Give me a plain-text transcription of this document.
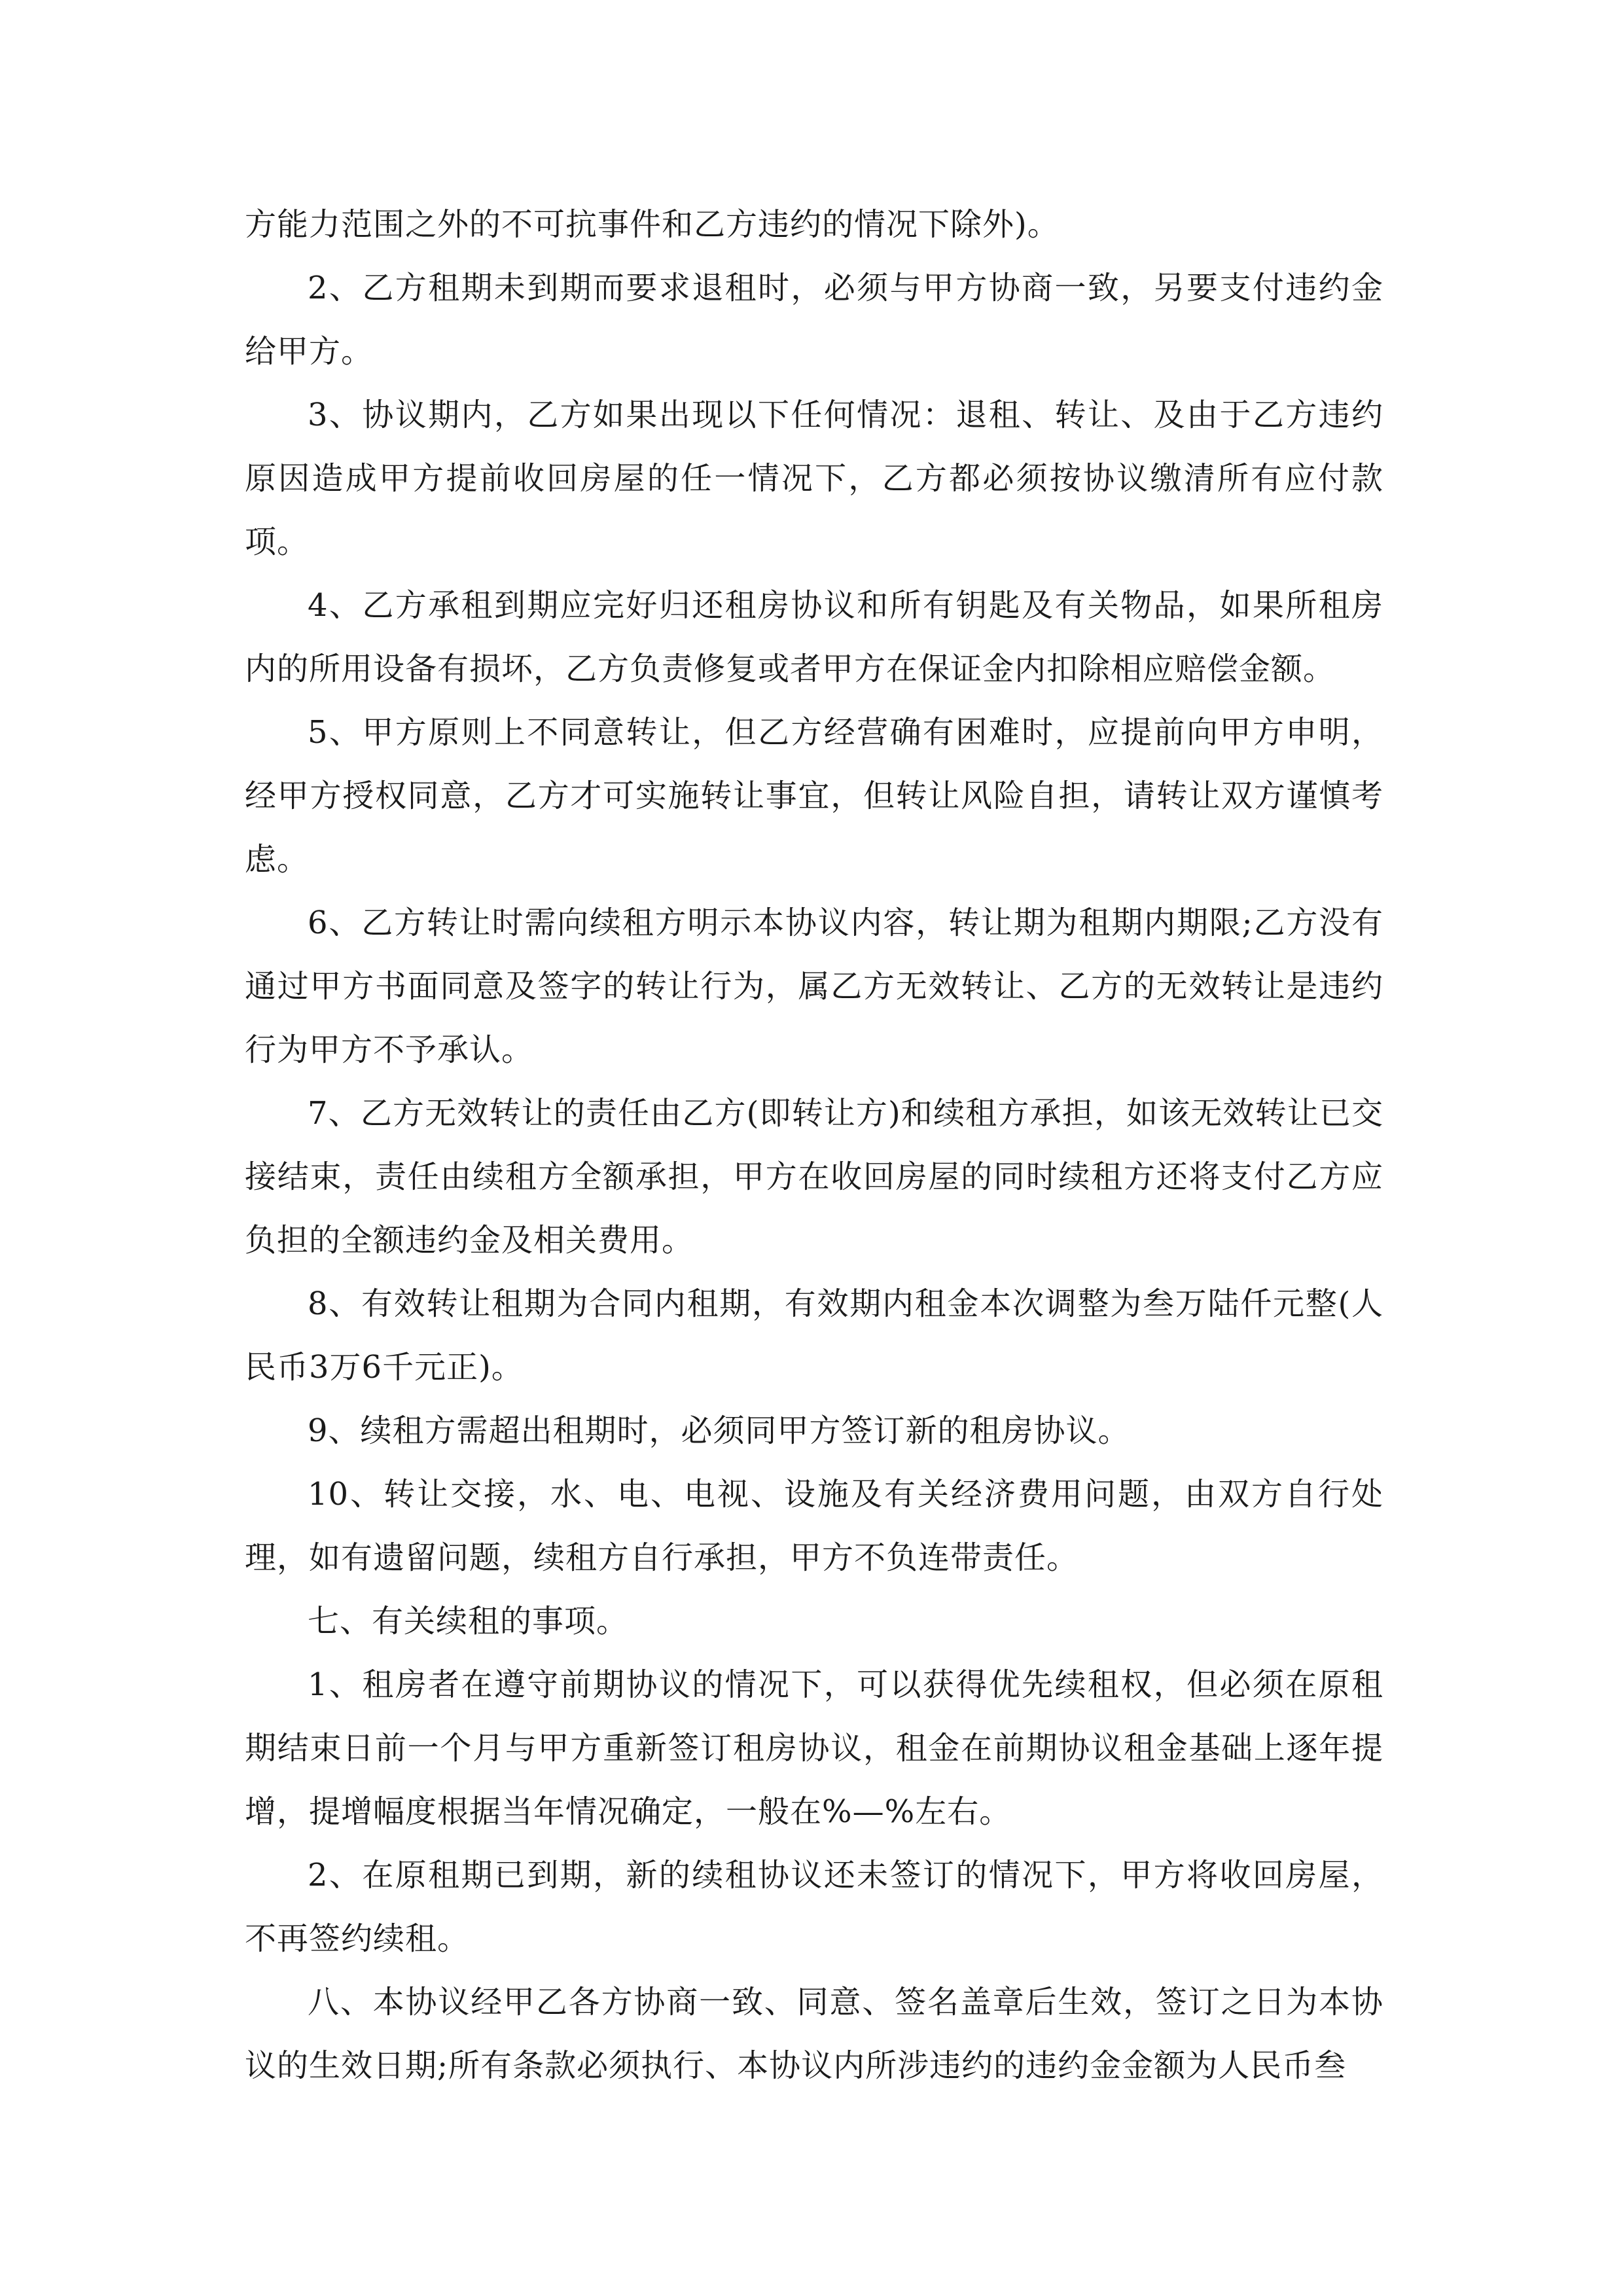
方能力范围之外的不可抗事件和乙方违约的情况下除外)。

2、乙方租期未到期而要求退租时，必须与甲方协商一致，另要支付违约金给甲方。

3、协议期内，乙方如果出现以下任何情况：退租、转让、及由于乙方违约原因造成甲方提前收回房屋的任一情况下，乙方都必须按协议缴清所有应付款项。

4、乙方承租到期应完好归还租房协议和所有钥匙及有关物品，如果所租房内的所用设备有损坏，乙方负责修复或者甲方在保证金内扣除相应赔偿金额。

5、甲方原则上不同意转让，但乙方经营确有困难时，应提前向甲方申明，经甲方授权同意，乙方才可实施转让事宜，但转让风险自担，请转让双方谨慎考虑。

6、乙方转让时需向续租方明示本协议内容，转让期为租期内期限;乙方没有通过甲方书面同意及签字的转让行为，属乙方无效转让、乙方的无效转让是违约行为甲方不予承认。

7、乙方无效转让的责任由乙方(即转让方)和续租方承担，如该无效转让已交接结束，责任由续租方全额承担，甲方在收回房屋的同时续租方还将支付乙方应负担的全额违约金及相关费用。

8、有效转让租期为合同内租期，有效期内租金本次调整为叁万陆仟元整(人民币3万6千元正)。

9、续租方需超出租期时，必须同甲方签订新的租房协议。

10、转让交接，水、电、电视、设施及有关经济费用问题，由双方自行处理，如有遗留问题，续租方自行承担，甲方不负连带责任。

七、有关续租的事项。

1、租房者在遵守前期协议的情况下，可以获得优先续租权，但必须在原租期结束日前一个月与甲方重新签订租房协议，租金在前期协议租金基础上逐年提增，提增幅度根据当年情况确定，一般在%—%左右。

2、在原租期已到期，新的续租协议还未签订的情况下，甲方将收回房屋，不再签约续租。

八、本协议经甲乙各方协商一致、同意、签名盖章后生效，签订之日为本协议的生效日期;所有条款必须执行、本协议内所涉违约的违约金金额为人民币叁
